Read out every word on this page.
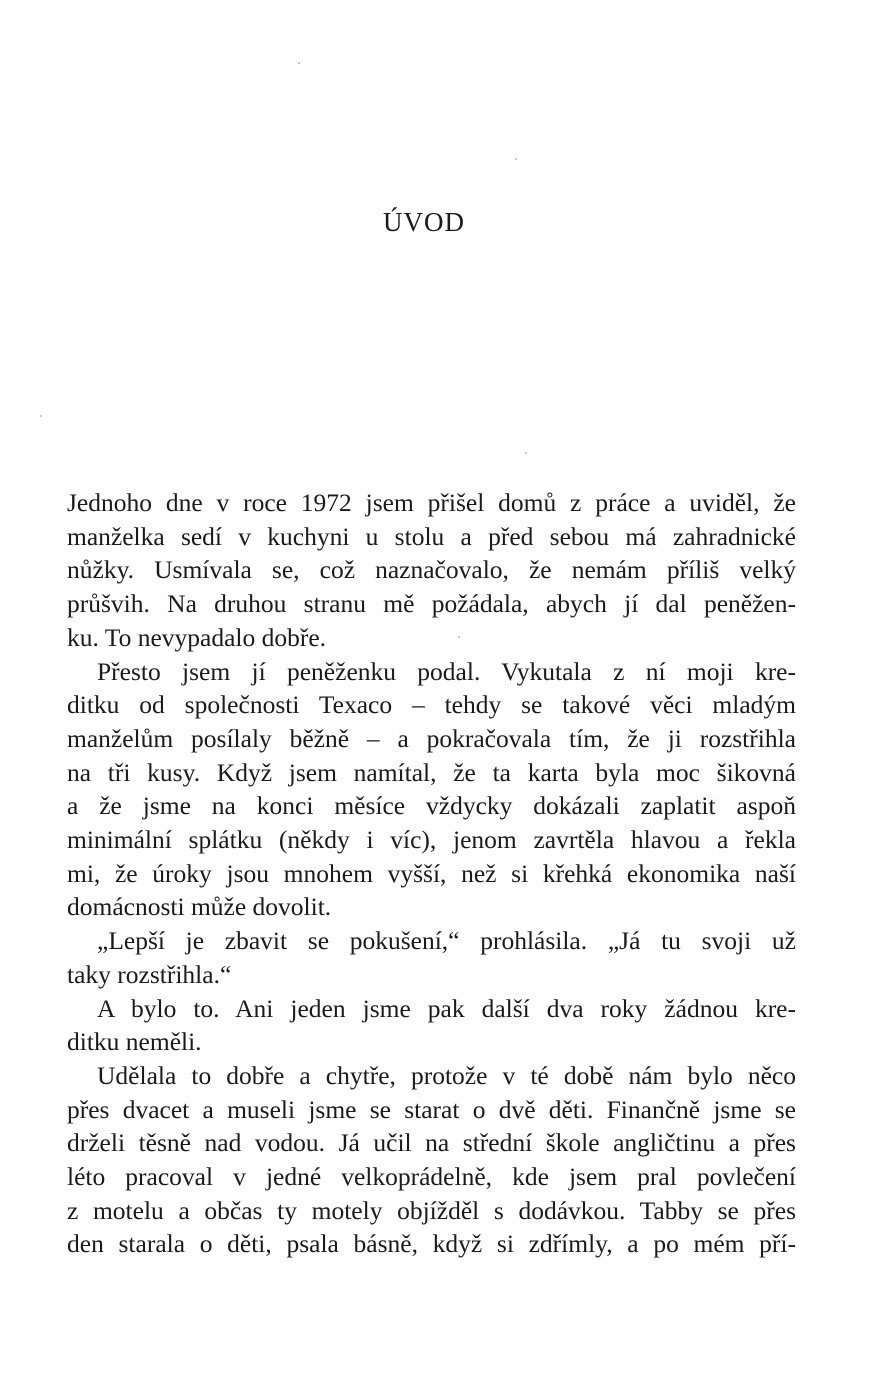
ÚVOD

Jednoho dne v roce 1972 jsem přišel domů z práce a uviděl, že
manželka sedí v kuchyni u stolu a před sebou má zahradnické
nůžky. Usmívala se, což naznačovalo, že nemám příliš velký
průšvih. Na druhou stranu mě požádala, abych jí dal peněžen-
ku. To nevypadalo dobře.

Přesto jsem jí peněženku podal. Vykutala z ní moji kre-
ditku od společnosti Texaco – tehdy se takové věci mladým
manželům posílaly běžně – a pokračovala tím, že ji rozstřihla
na tři kusy. Když jsem namítal, že ta karta byla moc šikovná
a že jsme na konci měsíce vždycky dokázali zaplatit aspoň
minimální splátku (někdy i víc), jenom zavrtěla hlavou a řekla
mi, že úroky jsou mnohem vyšší, než si křehká ekonomika naší
domácnosti může dovolit.

„Lepší je zbavit se pokušení,“ prohlásila. „Já tu svoji už
taky rozstřihla.“

A bylo to. Ani jeden jsme pak další dva roky žádnou kre-
ditku neměli.

Udělala to dobře a chytře, protože v té době nám bylo něco
přes dvacet a museli jsme se starat o dvě děti. Finančně jsme se
drželi těsně nad vodou. Já učil na střední škole angličtinu a přes
léto pracoval v jedné velkoprádelně, kde jsem pral povlečení
z motelu a občas ty motely objížděl s dodávkou. Tabby se přes
den starala o děti, psala básně, když si zdřímly, a po mém pří-
